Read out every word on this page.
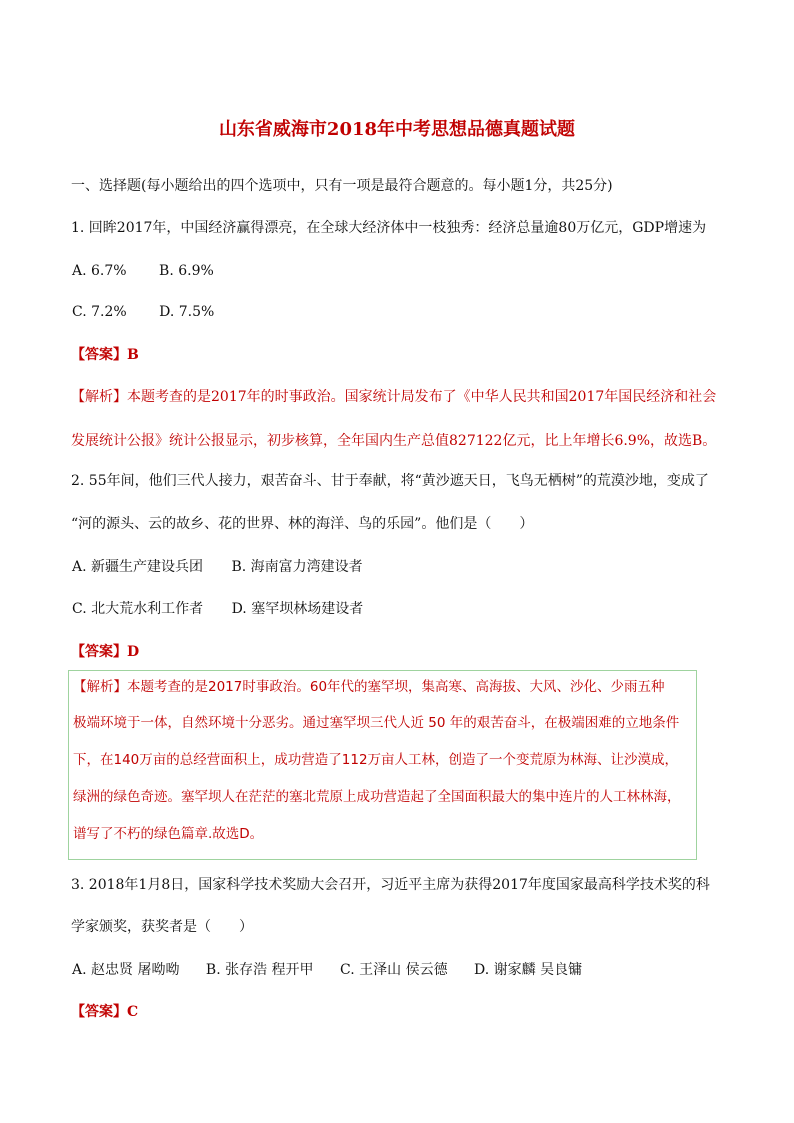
山东省威海市2018年中考思想品德真题试题
一、选择题(每小题给出的四个选项中，只有一项是最符合题意的。每小题1分，共25分)
1. 回眸2017年，中国经济赢得漂亮，在全球大经济体中一枝独秀：经济总量逾80万亿元，GDP增速为
A. 6.7% B. 6.9%
C. 7.2% D. 7.5%
【答案】B
【解析】本题考查的是2017年的时事政治。国家统计局发布了《中华人民共和国2017年国民经济和社会
发展统计公报》统计公报显示，初步核算，全年国内生产总值827122亿元，比上年增长6.9%，故选B。
2. 55年间，他们三代人接力，艰苦奋斗、甘于奉献，将“黄沙遮天日，飞鸟无栖树”的荒漠沙地，变成了
“河的源头、云的故乡、花的世界、林的海洋、鸟的乐园”。他们是（　　）
A. 新疆生产建设兵团 B. 海南富力湾建设者
C. 北大荒水利工作者 D. 塞罕坝林场建设者
【答案】D
【解析】本题考查的是2017时事政治。60年代的塞罕坝，集高寒、高海拔、大风、沙化、少雨五种
极端环境于一体，自然环境十分恶劣。通过塞罕坝三代人近 50 年的艰苦奋斗，在极端困难的立地条件
下，在140万亩的总经营面积上，成功营造了112万亩人工林，创造了一个变荒原为林海、让沙漠成，
绿洲的绿色奇迹。塞罕坝人在茫茫的塞北荒原上成功营造起了全国面积最大的集中连片的人工林林海，
谱写了不朽的绿色篇章.故选D。
3. 2018年1月8日，国家科学技术奖励大会召开，习近平主席为获得2017年度国家最高科学技术奖的科
学家颁奖，获奖者是（　　）
A. 赵忠贤 屠呦呦 B. 张存浩 程开甲 C. 王泽山 侯云德 D. 谢家麟 吴良镛
【答案】C
